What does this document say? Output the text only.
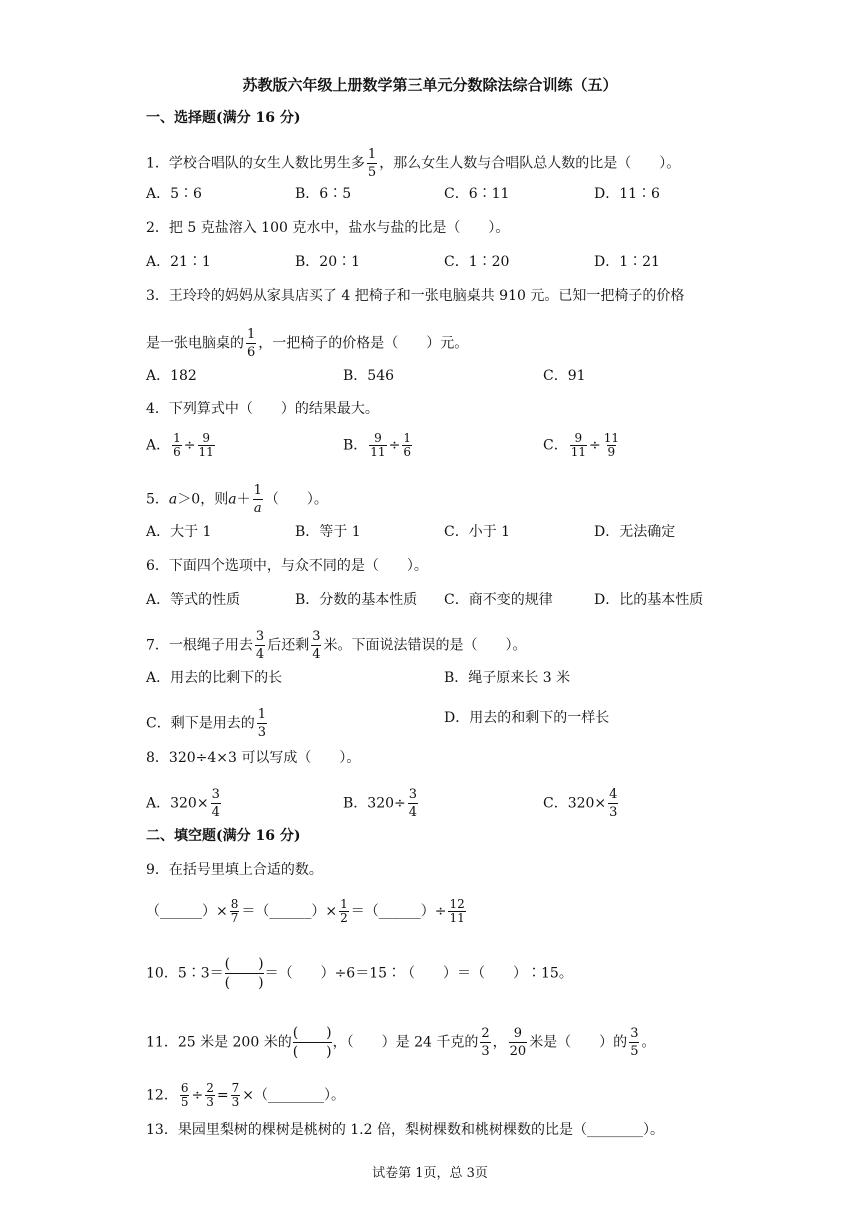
苏教版六年级上册数学第三单元分数除法综合训练（五）
一、选择题(满分 16 分)
1．学校合唱队的女生人数比男生多 $\frac{1}{5}$ ，那么女生人数与合唱队总人数的比是（　　）。
A．5∶6	B．6∶5	C．6∶11	D．11∶6
2．把 5 克盐溶入 100 克水中，盐水与盐的比是（　　）。
A．21∶1	B．20∶1	C．1∶20	D．1∶21
3．王玲玲的妈妈从家具店买了 4 把椅子和一张电脑桌共 910 元。已知一把椅子的价格
是一张电脑桌的 $\frac{1}{6}$ ，一把椅子的价格是（　　）元。
A．182	B．546	C．91
4．下列算式中（　　）的结果最大。
A． $\frac{1}{6} \div \frac{9}{11}$	B． $\frac{9}{11} \div \frac{1}{6}$	C． $\frac{9}{11} \div \frac{11}{9}$
5．a＞0，则$a+ \frac{1}{a}$ （　　）。
A．大于 1	B．等于 1	C．小于 1	D．无法确定
6．下面四个选项中，与众不同的是（　　）。
A．等式的性质	B．分数的基本性质 C．商不变的规律	D．比的基本性质
7．一根绳子用去 $\frac{3}{4}$ 后还剩 $\frac{3}{4}$ 米。下面说法错误的是（　　）。
A．用去的比剩下的长	B．绳子原来长 3 米
C．剩下是用去的 $\frac{1}{3}$	D．用去的和剩下的一样长
8．320÷4×3 可以写成（　　）。
A．$320\times \frac{3}{4}$	B．$320\div \frac{3}{4}$	C．$320\times \frac{4}{3}$
二、填空题(满分 16 分)
9．在括号里填上合适的数。
（______）× $\frac{8}{7}$ ＝（______）× $\frac{1}{2}$ ＝（______）÷ $\frac{12}{11}$
10．5∶3＝ $\frac{( )}{( )}$ ＝（　　）÷6＝15∶（　　）＝（　　）∶15。
11．25 米是 200 米的 $\frac{( )}{( )}$ ，（　　）是 24 千克的 $\frac{2}{3}$ ， $\frac{9}{20}$ 米是（　　）的 $\frac{3}{5}$ 。
12． $\frac{6}{5} \div \frac{2}{3} = \frac{7}{3}$ ×（________）。
13．果园里梨树的棵树是桃树的 1.2 倍，梨树棵数和桃树棵数的比是（________）。
试卷第 1页，总 3页
